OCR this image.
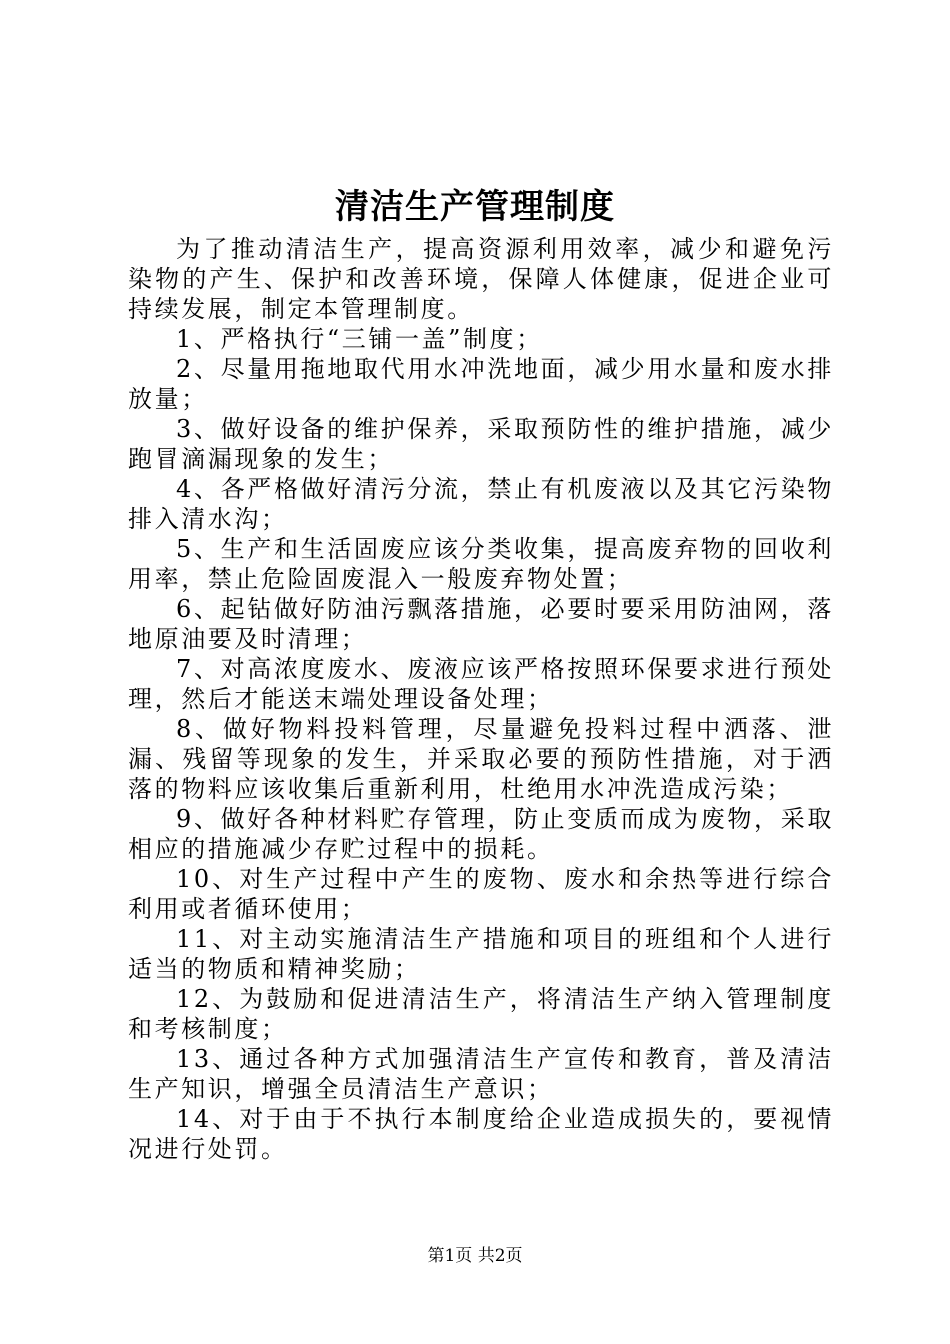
清洁生产管理制度

为了推动清洁生产，提高资源利用效率，减少和避免污染物的产生、保护和改善环境，保障人体健康，促进企业可持续发展，制定本管理制度。

1、严格执行“三铺一盖”制度；

2、尽量用拖地取代用水冲洗地面，减少用水量和废水排放量；

3、做好设备的维护保养，采取预防性的维护措施，减少跑冒滴漏现象的发生；

4、各严格做好清污分流，禁止有机废液以及其它污染物排入清水沟；

5、生产和生活固废应该分类收集，提高废弃物的回收利用率，禁止危险固废混入一般废弃物处置；

6、起钻做好防油污飘落措施，必要时要采用防油网，落地原油要及时清理；

7、对高浓度废水、废液应该严格按照环保要求进行预处理，然后才能送末端处理设备处理；

8、做好物料投料管理，尽量避免投料过程中洒落、泄漏、残留等现象的发生，并采取必要的预防性措施，对于洒落的物料应该收集后重新利用，杜绝用水冲洗造成污染；

9、做好各种材料贮存管理，防止变质而成为废物，采取相应的措施减少存贮过程中的损耗。

10、对生产过程中产生的废物、废水和余热等进行综合利用或者循环使用；

11、对主动实施清洁生产措施和项目的班组和个人进行适当的物质和精神奖励；

12、为鼓励和促进清洁生产，将清洁生产纳入管理制度和考核制度；

13、通过各种方式加强清洁生产宣传和教育，普及清洁生产知识，增强全员清洁生产意识；

14、对于由于不执行本制度给企业造成损失的，要视情况进行处罚。

第1页 共2页
